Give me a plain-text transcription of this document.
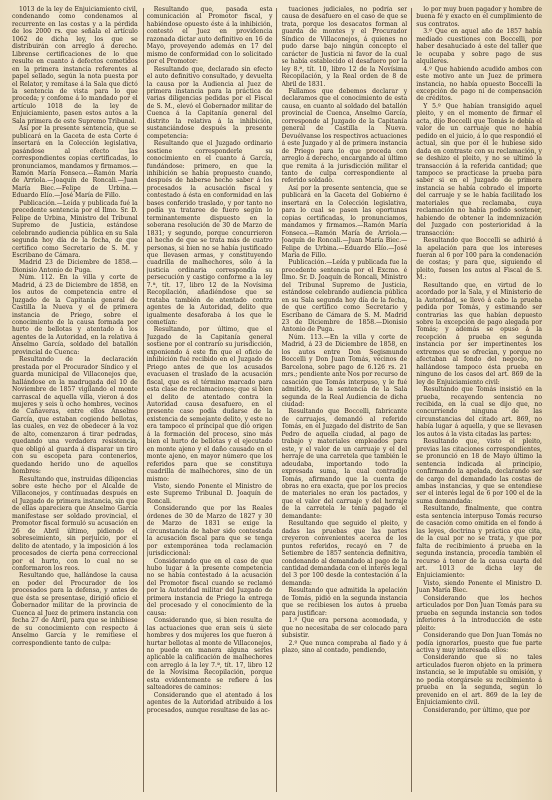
1013 de la ley de Enjuiciamiento civil, condenando como condenamos al recurrente en las costas y a la pérdida de los 2000 rs. que señala el artículo 1062 de dicha ley, los que se distribuirán con arreglo á derecho. Librense certificaciones de lo que resulte en cuanto á defectos cometidos en la primera instancia referentes al papel sellado, según la nota puesta por el Relator, y remítase á la Sala que dictó la sentencia de vista para lo que proceda; y confome á lo mandado por el artículo 1018 de la ley de Enjuiciamiento, pasen estos autos a la Sala primera de este Supremo Tribunal.

Así por la presente sentencia, que se publicará en la Gaceta de esta Corte é insertará en la Colección legislativa, pasándose al efecto las correspondientes copias certificadas, lo pronunciamos, mandamos y firmamos.—Ramón María Fonseca.—Ramón María de Arriola.—Joaquín de Roncali.—Juan María Biec.—Felipe de Urbina.—Eduardo Elío.—José María de Fillo.

Publicación.—Leída y publicada fué la precedente sentencia por el Ilmo. Sr. D. Felipe de Urbina, Ministro del Tribunal Supremo de Justicia, estándose celebrando audiencia pública en su Sala segunda hoy día de la fecha, de que certifico como Secretario de S. M. y Escribano de Cámara.

Madrid 23 de Diciembre de 1858.—Dionisio Antonio de Puga.

Núm. 112. En la villa y corte de Madrid, á 23 de Diciembre de 1858, en los autos de competencia entre el Juzgado de la Capitanía general de Castilla la Nueva y el de primera instancia de Priego, sobre el conocimiento de la causa formada por hurto de bellotas y atentado á los agentes de la Autoridad, en la relativa á Anselmo García, soldado del batallón provincial de Cuenca:

Resultando de la declaración prestada por el Procurador Síndico y el guarda municipal de Villaconejos que, hallándose en la madrugada del 10 de Noviembre de 1857 vigilando el monte carrascal de aquella villa, vieron á dos mujeres y seis ú ocho hombres, vecinos de Cañaveras, entre ellos Anselmo García, que estaban cogiendo bellotas, las cuales, en vez de obedecer á la voz de alto, comenzaron á tirar pedradas, quedando una verdadera resistencia, que obligó al guarda á disparar un tiro con su escopeta para contenerlos, quedando herido uno de aquellos hombres:

Resultando que, instruidas diligencias sobre este hecho por el Alcalde de Villaconejos, y continuadas después en el Juzgado de primera instancia, sin que de ellas apareciera que Anselmo García manifestase ser soldado provincial, el Promotor fiscal formuló su acusación en 26 de Abril último, pidiendo el sobreseimiento, sin perjuicio, por el delito de atentado, y la imposición á los procesados de cierta pena correccional por el hurto, con lo cual no se conformaron los reos.

Resultando que, hallándose la causa en poder del Procurador de los procesados para la defensa, y antes de que ésta se presentase, dirigió oficio el Gobernador militar de la provincia de Cuenca al Juez de primera instancia con fecha 27 de Abril, para que se inhibiese de su conocimiento con respecto á Anselmo García y le remitiese el correspondiente tanto de culpa:

Resultando que, pasada esta comunicación al Promotor fiscal, y habiéndose opuesto éste á la inhibición, contestó el Juez en providencia razonada dictar auto definitivo en 16 de Mayo, proveyendo además en 17 del mismo de conformidad con lo solicitado por el Promotor:

Resultando que, declarado sin efecto el auto definitivo consultado, y devuelta la causa por la Audiencia al Juez de primera instancia para la práctica de varias diligencias pedidas por el Fiscal de S. M., elevó el Gobernador militar de Cuenca á la Capitanía general del distrito la relativa á la inhibición, sustanciándose después la presente competencia:

Resultando que el Juzgado ordinario sostiene corresponderle su conocimiento en el cuanto á García, fundándose: primero, en que la inhibición se había propuesto cuando, después de haberse hecho saber á los procesados la acusación fiscal y contestado á ésta en conformidad en las bases conferido traslado, y por tanto no podía ya trataree de fuero según lo terminantemente dispuesto en la soberana resolución de 30 de Marzo de 1831; y segundo, porque concurrieron al hecho de que se trata más de cuatro personas, si bien no se había justificado que llevasen armas, y constituyendo cuadrilla de malhechores, sólo á la justicia ordinaria correspondía su persecución y castigo conforme a la ley 7.ª, tít. 17, libro 12 de la Novísima Recopilación, añadiéndose que se trataba también de atentado contra agentes de la Autoridad, delito que igualmente desaforaba á los que le cometían:

Resultando, por último, que el Juzgado de la Capitanía general sostiene por el contrario su jurisdicción, exponiendo á este fin que el oficio de inhibición fué recibido en el Juzgado de Priego antes de que los acusados evacuasen el traslado de la acusación fiscal, que es el término marcado para esta clase de reclamaciones; que si bien el delito de atentado contra la Autoridad causa desafuero, en el presente caso podía dudarse de la existencia de semejante delito, y este no era tampoco el principal que dió origen á la formación del proceso, sino más bien el hurto de bellotas y el ejecutado en monte ajeno y el daño causado en el monte ajeno, en mayor número que los referidos para que se constituya cuadrilla de malhechores, sino de un mismo:

Visto, siendo Ponente el Ministro de este Supremo Tribunal D. Joaquín de Roncali.

Considerando que por las Reales órdenes de 30 de Marzo de 1827 y 30 de Marzo de 1831 se exige la circunstancia de haber sido contestada la acusación fiscal para que se tenga por extemporánea toda reclamación jurisdiccional:

Considerando que en el caso de que hubo lugar á la presente competencia no se había contestado á la acusación del Promotor fiscal cuando se reclamó por la Autoridad militar del Juzgado de primera instancia de Priego la entrega del procesado y el conocimiento de la causa:

Considerando que, si bien resulta de las actuaciones que eran seis ú siete hombres y dos mujeres los que fueron á hurtar bellotas al monte de Villaconejos, no puede en manera alguna serles aplicable la calificación de malhechores con arreglo á la ley 7.ª, tít. 17, libro 12 de la Novísima Recopilación, porque esta evidentemente se refiere á los salteadores de caminos:

Considerando que el atentado á los agentes de la Autoridad atribuido á los procesados, aunque resultase de las ac-

tuaciones judiciales, no podría ser causa de desafuero en el caso de que se trata, porque los desacatos forman al guarda de montes y el Procurador Síndico de Villaconejos, á quienes no pudo darse bajo ningún concepto el carácter de Justicia ni favor de la cual se había establecido el desafuero por la ley 8.ª, tít. 10, libro 12 de la Novísima Recopilación, y la Real orden de 8 de Abril de 1831.

Fallamos que debemos declarar y declaramos que el conocimiento de esta causa, en cuanto al soldado del batallón provincial de Cuenca, Anselmo García, corresponde al Juzgado de la Capitanía general de Castilla la Nueva. Devuélvanse los respectivos actuaciones á este Juzgado y al de primera instancia de Priego para lo que proceda con arreglo á derecho, encargando al último que remita á la jurisdicción militar el tanto de culpa correspondiente al referido soldado.

Así por la presente sentencia, que se publicará en la Gaceta del Gobierno é insertará en la Colección legislativa, para lo cual se pasen las oportunas copias certificadas, lo pronunciamos, mandamos y firmamos.—Ramón María Fonseca.—Ramón María de Arriola.—Joaquín de Roncali.—Juan María Biec.—Felipe de Urbina.—Eduardo Elío.—José María de Fillo.

Publicación.—Leída y publicada fue la precedente sentencia por el Excmo. é Ilmo. Sr. D. Joaquín de Roncali, Ministro del Tribunal Supremo de Justicia, estándose celebrando audiencia pública en su Sala segunda hoy día de la fecha, de que certifico como Secretario y Escribano de Cámara de S. M. Madrid 23 de Diciembre de 1858.—Dionisio Antonio de Puga.

Núm. 113.—En la villa y corte de Madrid, á 23 de Diciembre de 1858, en los autos entre Don Segismundo Boccelli y Don Juan Tomás, vecinos de Barcelona, sobre pago de 6.126 rs. 21 mrs.; pendiente ante Nos por recurso de casación que Tomás interpuso, y le fué admitido, de la sentencia de la Sala segunda de la Real Audiencia de dicha ciudad:

Resultando que Boccelli, fabricante de carruajes, demandó al referido Tomás, en el Juzgado del distrito de San Pedro de aquella ciudad, al pago de trabajo y materiales empleados para este, y el valor de un carruaje y el del herraje de una carretela que también le adeudaba, importando todo la expresada suma, la cual contradijo Tomás, afirmando que la cuenta de obras no era exacta, que por los precios de materiales no eran los pactados, y que el valor del carruaje y del herraje de la carretela le tenía pagado el demandante:

Resultando que seguido el pleito, y dadas las pruebas que las partes creyeron convenientes acerca de los puntos referidos, recayó en 7 de Setiembre de 1857 sentencia definitiva, condenando al demandado al pago de la cantidad demandada con el interés legal del 3 por 100 desde la contestación á la demanda:

Resultando que admitida la apelación de Tomás, pidió en la segunda instancia que se recibiesen los autos á prueba para justificar:

1.º Que era persona acomodada, y que no necesitaba de ser colocado para subsistir.

2.º Que nunca compraba al fiado y á plazo, sino al contado, pendiendo,

lo por muy buen pagador y hombre de buena fé y exacto en el cumplimiento de sus contratos.

3.º Que en aquel año de 1857 había mediado cuestiones con Boccelli, por haber desahuciado á este del taller que le ocupaba y sobre pago de sus alquileres.

4.º Que habiendo acudido ambos con este motivo ante un Juez de primera instancia, no había opuesto Boccelli la excepción de pago ni de compensación de créditos.

Y 5.º Que habían transigido aquel pleito, y en el momento de firmar el acta, dijo Boccelli que Tomás le debía el valor de un carruaje que no había pedido en el juicio, á lo que respondió el actual, sin que por él le hubiese sido dada en contraste con su reclamación, y se deshizo el pleito, y no se ultimó la transacción á la referida cantidad; que tampoco se practicase la prueba para saber si en el Juzgado de primera instancia se había cobrado el importe del carruaje y se le había facilitado los materiales que reclamaba, cuya reclamación no había podido sostener, habiendo de obtener la indemnización del Juzgado con posterioridad á la transacción:

Resultando que Boccelli se adhirió á la apelación para que los intereses fueran al 6 por 100 para la condenación de costas; y para que, siguiendo el pleito, fuesen los autos al Fiscal de S. M.:

Resultando que, en virtud de lo acordado por la Sala, y el Ministerio de la Autoridad, se llevó á cabo la prueba pedida por Tomás, y estimando ser contrarias las que habían depuesto sobre la excepción de pago alegada por Tomás; y además se opuso á la recepción á prueba en segunda instancia por ser impertinentes los extremos que se ofrecían, y porque no afectaban al fondo del negocio, no hallándose tampoco ésta prueba en ninguno de los casos del art. 869 de la ley de Enjuiciamiento civil:

Resultando que Tomás insistió en la prueba, recayendo sentencia no recibida, en la cual se dijo que, no concurriendo ninguna de las circunstancias del citado art. 869, no había lugar á aquella, y que se llevasen los autos á la vista citadas las partes:

Resultando que, visto el pleito, previas las citaciones correspondientes, se pronunció en 18 de Mayo último la sentencia indicada al principio, confirmando la apelada, declarando ser de cargo del demandado las costas de ambas instancias, y que se entendiese ser el interés legal de 6 por 100 el de la suma demandada:

Resultando, finalmente, que contra esta sentencia interpuso Tomás recurso de casación como omitida en el fondo á las leyes, doctrina y práctica que cita, de la cual por no se trata, y que por falta de recibimiento á prueba en la segunda instancia, procedía también el recurso á tenor de la causa cuarta del art. 1013 de dicha ley de Enjuiciamiento:

Visto, siendo Ponente el Ministro D. Juan María Biec.

Considerando que los hechos articulados por Don Juan Tomás para su prueba en segunda instancia son todos inferiores á la introducción de este pleito:

Considerando que Don Juan Tomás no podía ignorarlos, puesto que fue parte activa y muy interesada ellos:

Considerando que si no tales articulados fueron objeto en la primera instancia, se le imputable su omisión, y no podía otorgársele su recibimiento á prueba en la segunda, según lo prevenido en el art. 869 de la ley de Enjuiciamiento civil.

Considerando, por último, que por
